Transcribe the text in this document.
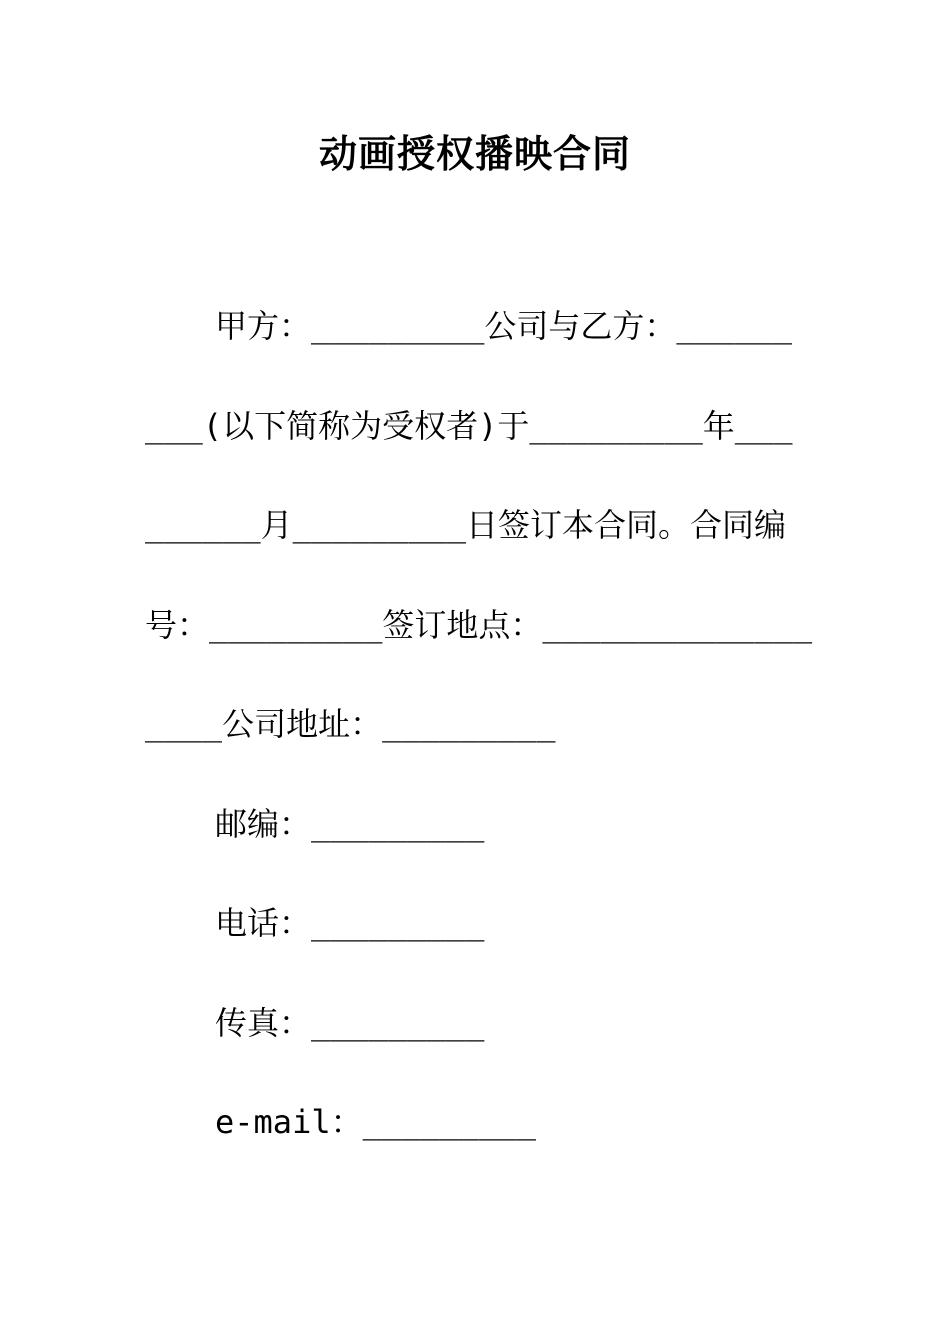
动画授权播映合同
甲方：_________公司与乙方：______
___(以下简称为受权者)于_________年___
______月_________日签订本合同。合同编
号：_________签订地点：______________
____公司地址：_________
邮编：_________
电话：_________
传真：_________
e-mail：_________
